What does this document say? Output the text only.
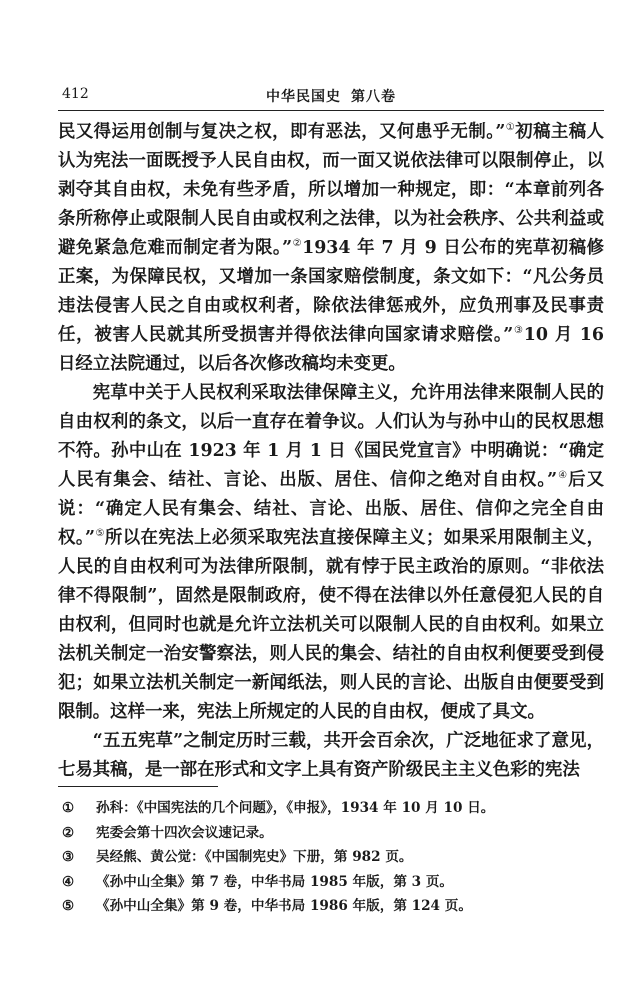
412	中华民国史 第八卷

民又得运用创制与复决之权，即有恶法，又何患乎无制。”①初稿主稿人认为宪法一面既授予人民自由权，而一面又说依法律可以限制停止，以剥夺其自由权，未免有些矛盾，所以增加一种规定，即：“本章前列各条所称停止或限制人民自由或权利之法律，以为社会秩序、公共利益或避免紧急危难而制定者为限。”②1934 年 7 月 9 日公布的宪草初稿修正案，为保障民权，又增加一条国家赔偿制度，条文如下：“凡公务员违法侵害人民之自由或权利者，除依法律惩戒外，应负刑事及民事责任，被害人民就其所受损害并得依法律向国家请求赔偿。”③10 月 16 日经立法院通过，以后各次修改稿均未变更。

宪草中关于人民权利采取法律保障主义，允许用法律来限制人民的自由权利的条文，以后一直存在着争议。人们认为与孙中山的民权思想不符。孙中山在 1923 年 1 月 1 日《国民党宣言》中明确说：“确定人民有集会、结社、言论、出版、居住、信仰之绝对自由权。”④后又说：“确定人民有集会、结社、言论、出版、居住、信仰之完全自由权。”⑤所以在宪法上必须采取宪法直接保障主义；如果采用限制主义，人民的自由权利可为法律所限制，就有悖于民主政治的原则。“非依法律不得限制”，固然是限制政府，使不得在法律以外任意侵犯人民的自由权利，但同时也就是允许立法机关可以限制人民的自由权利。如果立法机关制定一治安警察法，则人民的集会、结社的自由权利便要受到侵犯；如果立法机关制定一新闻纸法，则人民的言论、出版自由便要受到限制。这样一来，宪法上所规定的人民的自由权，便成了具文。

“五五宪草”之制定历时三载，共开会百余次，广泛地征求了意见，七易其稿，是一部在形式和文字上具有资产阶级民主主义色彩的宪法

①	孙科：《中国宪法的几个问题》，《申报》，1934 年 10 月 10 日。
②	宪委会第十四次会议速记录。
③	吴经熊、黄公觉：《中国制宪史》下册，第 982 页。
④	《孙中山全集》第 7 卷，中华书局 1985 年版，第 3 页。
⑤	《孙中山全集》第 9 卷，中华书局 1986 年版，第 124 页。
